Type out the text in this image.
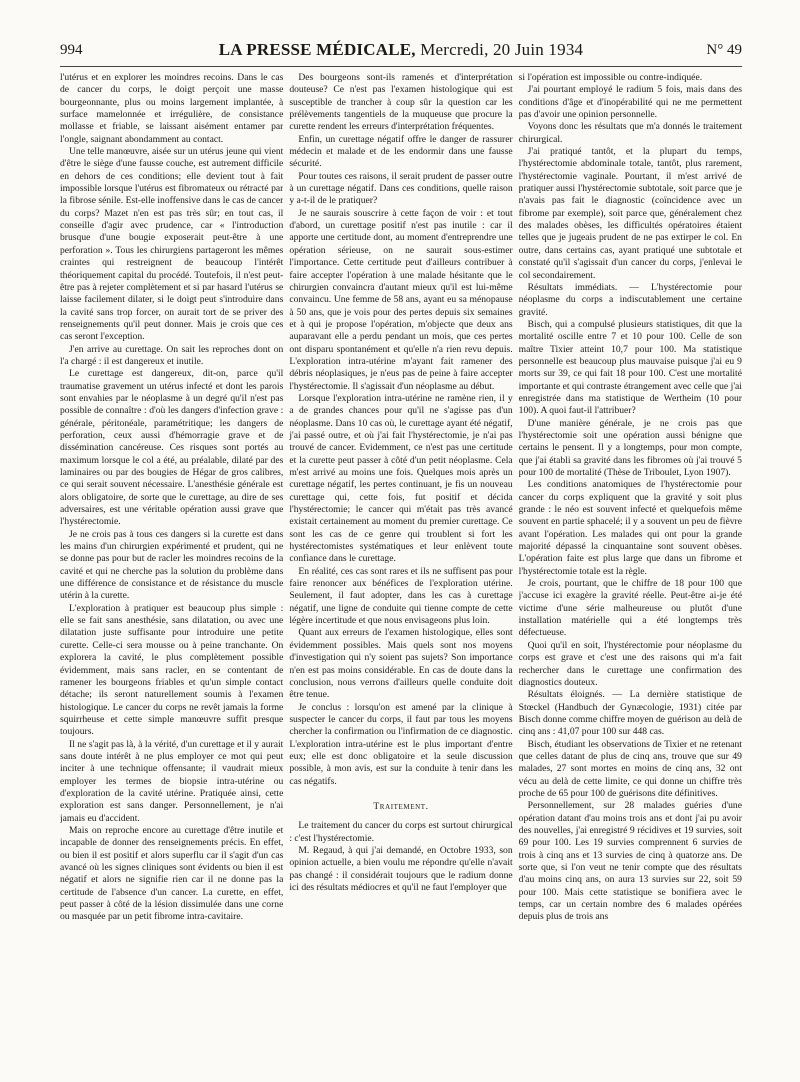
994	LA PRESSE MÉDICALE, Mercredi, 20 Juin 1934	N° 49

l'utérus et en explorer les moindres recoins. Dans le cas de cancer du corps, le doigt perçoit une masse bourgeonnante, plus ou moins largement implantée, à surface mamelonnée et irrégulière, de consistance mollasse et friable, se laissant aisément entamer par l'ongle, saignant abondamment au contact.

Une telle manœuvre, aisée sur un utérus jeune qui vient d'être le siège d'une fausse couche, est autrement difficile en dehors de ces conditions; elle devient tout à fait impossible lorsque l'utérus est fibromateux ou rétracté par la fibrose sénile. Est-elle inoffensive dans le cas de cancer du corps? Mazet n'en est pas très sûr; en tout cas, il conseille d'agir avec prudence, car « l'introduction brusque d'une bougie exposerait peut-être à une perforation ». Tous les chirurgiens partageront les mêmes craintes qui restreignent de beaucoup l'intérêt théoriquement capital du procédé. Toutefois, il n'est peut-être pas à rejeter complètement et si par hasard l'utérus se laisse facilement dilater, si le doigt peut s'introduire dans la cavité sans trop forcer, on aurait tort de se priver des renseignements qu'il peut donner. Mais je crois que ces cas seront l'exception.

J'en arrive au curettage. On sait les reproches dont on l'a chargé : il est dangereux et inutile.

Le curettage est dangereux, dit-on, parce qu'il traumatise gravement un utérus infecté et dont les parois sont envahies par le néoplasme à un degré qu'il n'est pas possible de connaître : d'où les dangers d'infection grave : générale, péritonéale, paramétritique; les dangers de perforation, ceux aussi d'hémorragie grave et de dissémination cancéreuse. Ces risques sont portés au maximum lorsque le col a été, au préalable, dilaté par des laminaires ou par des bougies de Hégar de gros calibres, ce qui serait souvent nécessaire. L'anesthésie générale est alors obligatoire, de sorte que le curettage, au dire de ses adversaires, est une véritable opération aussi grave que l'hystérectomie.

Je ne crois pas à tous ces dangers si la curette est dans les mains d'un chirurgien expérimenté et prudent, qui ne se donne pas pour but de racler les moindres recoins de la cavité et qui ne cherche pas la solution du problème dans une différence de consistance et de résistance du muscle utérin à la curette.

L'exploration à pratiquer est beaucoup plus simple : elle se fait sans anesthésie, sans dilatation, ou avec une dilatation juste suffisante pour introduire une petite curette. Celle-ci sera mousse ou à peine tranchante. On explorera la cavité, le plus complètement possible évidemment, mais sans racler, en se contentant de ramener les bourgeons friables et qu'un simple contact détache; ils seront naturellement soumis à l'examen histologique. Le cancer du corps ne revêt jamais la forme squirrheuse et cette simple manœuvre suffit presque toujours.

Il ne s'agit pas là, à la vérité, d'un curettage et il y aurait sans doute intérêt à ne plus employer ce mot qui peut inciter à une technique offensante; il vaudrait mieux employer les termes de biopsie intra-utérine ou d'exploration de la cavité utérine. Pratiquée ainsi, cette exploration est sans danger. Personnellement, je n'ai jamais eu d'accident.

Mais on reproche encore au curettage d'être inutile et incapable de donner des renseignements précis. En effet, ou bien il est positif et alors superflu car il s'agit d'un cas avancé où les signes cliniques sont évidents ou bien il est négatif et alors ne signifie rien car il ne donne pas la certitude de l'absence d'un cancer. La curette, en effet, peut passer à côté de la lésion dissimulée dans une corne ou masquée par un petit fibrome intra-cavitaire.

Des bourgeons sont-ils ramenés et d'interprétation douteuse? Ce n'est pas l'examen histologique qui est susceptible de trancher à coup sûr la question car les prélèvements tangentiels de la muqueuse que procure la curette rendent les erreurs d'interprétation fréquentes.

Enfin, un curettage négatif offre le danger de rassurer médecin et malade et de les endormir dans une fausse sécurité.

Pour toutes ces raisons, il serait prudent de passer outre à un curettage négatif. Dans ces conditions, quelle raison y a-t-il de le pratiquer?

Je ne saurais souscrire à cette façon de voir : et tout d'abord, un curettage positif n'est pas inutile : car il apporte une certitude dont, au moment d'entreprendre une opération sérieuse, on ne saurait sous-estimer l'importance. Cette certitude peut d'ailleurs contribuer à faire accepter l'opération à une malade hésitante que le chirurgien convaincra d'autant mieux qu'il est lui-même convaincu. Une femme de 58 ans, ayant eu sa ménopause à 50 ans, que je vois pour des pertes depuis six semaines et à qui je propose l'opération, m'objecte que deux ans auparavant elle a perdu pendant un mois, que ces pertes ont disparu spontanément et qu'elle n'a rien revu depuis. L'exploration intra-utérine m'ayant fait ramener des débris néoplasiques, je n'eus pas de peine à faire accepter l'hystérectomie. Il s'agissait d'un néoplasme au début.

Lorsque l'exploration intra-utérine ne ramène rien, il y a de grandes chances pour qu'il ne s'agisse pas d'un néoplasme. Dans 10 cas où, le curettage ayant été négatif, j'ai passé outre, et où j'ai fait l'hystérectomie, je n'ai pas trouvé de cancer. Evidemment, ce n'est pas une certitude et la curette peut passer à côté d'un petit néoplasme. Cela m'est arrivé au moins une fois. Quelques mois après un curettage négatif, les pertes continuant, je fis un nouveau curettage qui, cette fois, fut positif et décida l'hystérectomie; le cancer qui m'était pas très avancé existait certainement au moment du premier curettage. Ce sont les cas de ce genre qui troublent si fort les hystérectomistes systématiques et leur enlèvent toute confiance dans le curettage.

En réalité, ces cas sont rares et ils ne suffisent pas pour faire renoncer aux bénéfices de l'exploration utérine. Seulement, il faut adopter, dans les cas à curettage négatif, une ligne de conduite qui tienne compte de cette légère incertitude et que nous envisageons plus loin.

Quant aux erreurs de l'examen histologique, elles sont évidemment possibles. Mais quels sont nos moyens d'investigation qui n'y soient pas sujets? Son importance n'en est pas moins considérable. En cas de doute dans la conclusion, nous verrons d'ailleurs quelle conduite doit être tenue.

Je conclus : lorsqu'on est amené par la clinique à suspecter le cancer du corps, il faut par tous les moyens chercher la confirmation ou l'infirmation de ce diagnostic. L'exploration intra-utérine est le plus important d'entre eux; elle est donc obligatoire et la seule discussion possible, à mon avis, est sur la conduite à tenir dans les cas négatifs.

Traitement.

Le traitement du cancer du corps est surtout chirurgical : c'est l'hystérectomie.

M. Regaud, à qui j'ai demandé, en Octobre 1933, son opinion actuelle, a bien voulu me répondre qu'elle n'avait pas changé : il considérait toujours que le radium donne ici des résultats médiocres et qu'il ne faut l'employer que

si l'opération est impossible ou contre-indiquée.

J'ai pourtant employé le radium 5 fois, mais dans des conditions d'âge et d'inopérabilité qui ne me permettent pas d'avoir une opinion personnelle.

Voyons donc les résultats que m'a donnés le traitement chirurgical.

J'ai pratiqué tantôt, et la plupart du temps, l'hystérectomie abdominale totale, tantôt, plus rarement, l'hystérectomie vaginale. Pourtant, il m'est arrivé de pratiquer aussi l'hystérectomie subtotale, soit parce que je n'avais pas fait le diagnostic (coïncidence avec un fibrome par exemple), soit parce que, généralement chez des malades obèses, les difficultés opératoires étaient telles que je jugeais prudent de ne pas extirper le col. En outre, dans certains cas, ayant pratiqué une subtotale et constaté qu'il s'agissait d'un cancer du corps, j'enlevai le col secondairement.

Résultats immédiats. — L'hystérectomie pour néoplasme du corps a indiscutablement une certaine gravité.

Bisch, qui a compulsé plusieurs statistiques, dit que la mortalité oscille entre 7 et 10 pour 100. Celle de son maître Tixier atteint 10,7 pour 100. Ma statistique personnelle est beaucoup plus mauvaise puisque j'ai eu 9 morts sur 39, ce qui fait 18 pour 100. C'est une mortalité importante et qui contraste étrangement avec celle que j'ai enregistrée dans ma statistique de Wertheim (10 pour 100). A quoi faut-il l'attribuer?

D'une manière générale, je ne crois pas que l'hystérectomie soit une opération aussi bénigne que certains le pensent. Il y a longtemps, pour mon compte, que j'ai établi sa gravité dans les fibromes où j'ai trouvé 5 pour 100 de mortalité (Thèse de Triboulet, Lyon 1907).

Les conditions anatomiques de l'hystérectomie pour cancer du corps expliquent que la gravité y soit plus grande : le néo est souvent infecté et quelquefois même souvent en partie sphacelé; il y a souvent un peu de fièvre avant l'opération. Les malades qui ont pour la grande majorité dépassé la cinquantaine sont souvent obèses. L'opération faite est plus large que dans un fibrome et l'hystérectomie totale est la règle.

Je crois, pourtant, que le chiffre de 18 pour 100 que j'accuse ici exagère la gravité réelle. Peut-être ai-je été victime d'une série malheureuse ou plutôt d'une installation matérielle qui a été longtemps très défectueuse.

Quoi qu'il en soit, l'hystérectomie pour néoplasme du corps est grave et c'est une des raisons qui m'a fait rechercher dans le curettage une confirmation des diagnostics douteux.

Résultats éloignés. — La dernière statistique de Stœckel (Handbuch der Gynæcologie, 1931) citée par Bisch donne comme chiffre moyen de guérison au delà de cinq ans : 41,07 pour 100 sur 448 cas.

Bisch, étudiant les observations de Tixier et ne retenant que celles datant de plus de cinq ans, trouve que sur 49 malades, 27 sont mortes en moins de cinq ans, 32 ont vécu au delà de cette limite, ce qui donne un chiffre très proche de 65 pour 100 de guérisons dite définitives.

Personnellement, sur 28 malades guéries d'une opération datant d'au moins trois ans et dont j'ai pu avoir des nouvelles, j'ai enregistré 9 récidives et 19 survies, soit 69 pour 100. Les 19 survies comprennent 6 survies de trois à cinq ans et 13 survies de cinq à quatorze ans. De sorte que, si l'on veut ne tenir compte que des résultats d'au moins cinq ans, on aura 13 survies sur 22, soit 59 pour 100. Mais cette statistique se bonifiera avec le temps, car un certain nombre des 6 malades opérées depuis plus de trois ans
